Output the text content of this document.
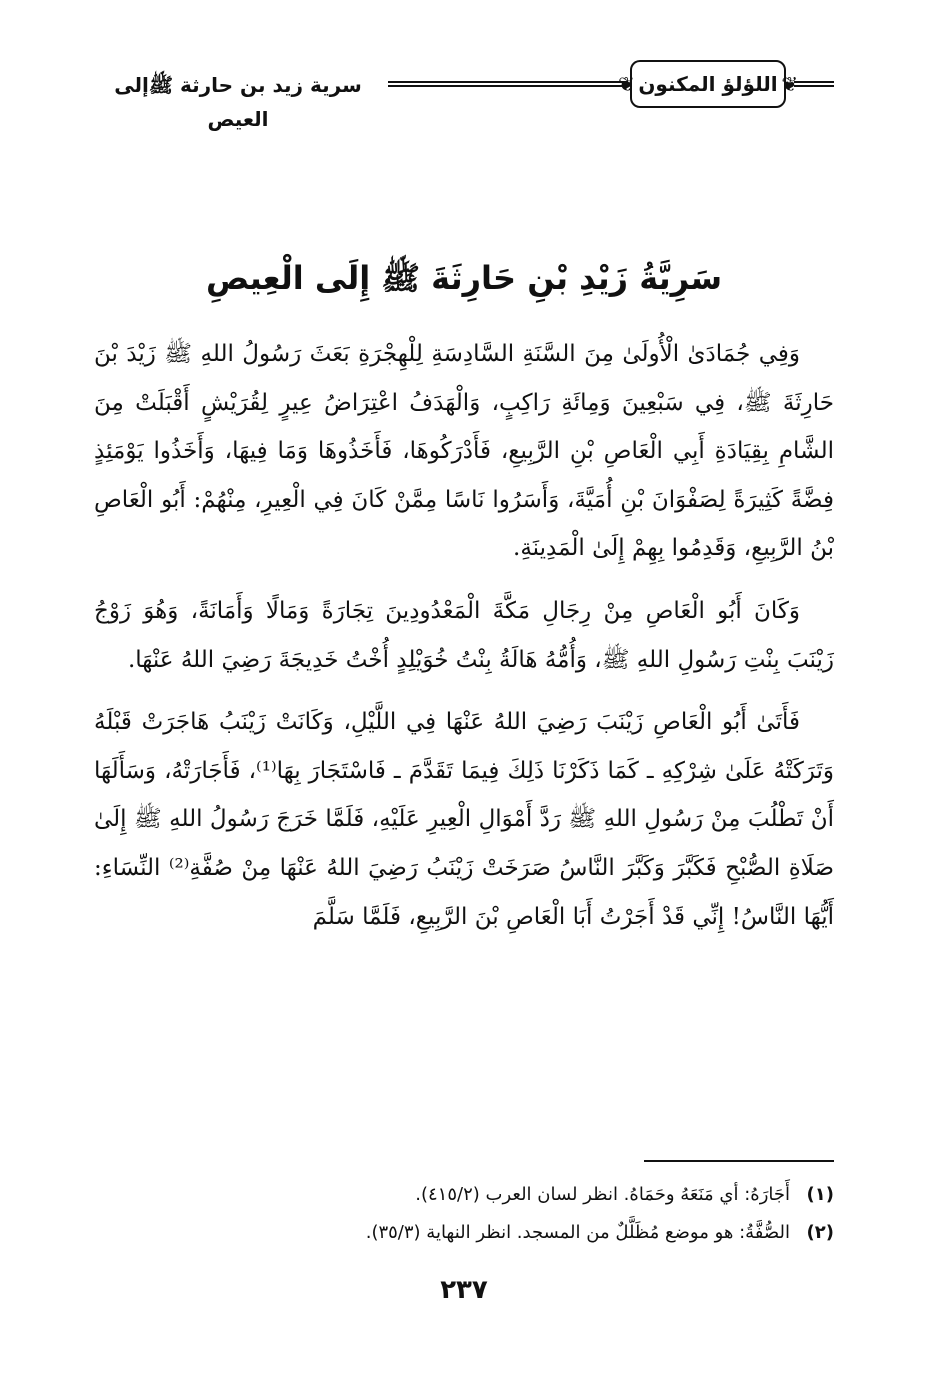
❦
اللؤلؤ المكنون
❦
سرية زيد بن حارثة ﷺإلى العيص
سَرِيَّةُ زَيْدِ بْنِ حَارِثَةَ ﷺ إِلَى الْعِيصِ

وَفِي جُمَادَىٰ الْأُولَىٰ مِنَ السَّنَةِ السَّادِسَةِ لِلْهِجْرَةِ بَعَثَ رَسُولُ اللهِ ﷺ زَيْدَ بْنَ حَارِثَةَ ﷺ، فِي سَبْعِينَ وَمِائَةِ رَاكِبٍ، وَالْهَدَفُ اعْتِرَاضُ عِيرٍ لِقُرَيْشٍ أَقْبَلَتْ مِنَ الشَّامِ بِقِيَادَةِ أَبِي الْعَاصِ بْنِ الرَّبِيعِ، فَأَدْرَكُوهَا، فَأَخَذُوهَا وَمَا فِيهَا، وَأَخَذُوا يَوْمَئِذٍ فِضَّةً كَثِيرَةً لِصَفْوَانَ بْنِ أُمَيَّةَ، وَأَسَرُوا نَاسًا مِمَّنْ كَانَ فِي الْعِيرِ، مِنْهُمْ: أَبُو الْعَاصِ بْنُ الرَّبِيعِ، وَقَدِمُوا بِهِمْ إِلَىٰ الْمَدِينَةِ.

وَكَانَ أَبُو الْعَاصِ مِنْ رِجَالِ مَكَّةَ الْمَعْدُودِينَ تِجَارَةً وَمَالًا وَأَمَانَةً، وَهُوَ زَوْجُ زَيْنَبَ بِنْتِ رَسُولِ اللهِ ﷺ، وَأُمُّهُ هَالَةُ بِنْتُ خُوَيْلِدٍ أُخْتُ خَدِيجَةَ رَضِيَ اللهُ عَنْهَا.

فَأَتَىٰ أَبُو الْعَاصِ زَيْنَبَ رَضِيَ اللهُ عَنْهَا فِي اللَّيْلِ، وَكَانَتْ زَيْنَبُ هَاجَرَتْ قَبْلَهُ وَتَرَكَتْهُ عَلَىٰ شِرْكِهِ ـ كَمَا ذَكَرْنَا ذَلِكَ فِيمَا تَقَدَّمَ ـ فَاسْتَجَارَ بِهَا⁽¹⁾، فَأَجَارَتْهُ، وَسَأَلَهَا أَنْ تَطْلُبَ مِنْ رَسُولِ اللهِ ﷺ رَدَّ أَمْوَالِ الْعِيرِ عَلَيْهِ، فَلَمَّا خَرَجَ رَسُولُ اللهِ ﷺ إِلَىٰ صَلَاةِ الصُّبْحِ فَكَبَّرَ وَكَبَّرَ النَّاسُ صَرَخَتْ زَيْنَبُ رَضِيَ اللهُ عَنْهَا مِنْ صُفَّةِ⁽²⁾ النِّسَاءِ: أَيُّهَا النَّاسُ! إِنِّي قَدْ أَجَرْتُ أَبَا الْعَاصِ بْنَ الرَّبِيعِ، فَلَمَّا سَلَّمَ

(١)أَجَارَهُ: أي مَنَعَهُ وحَمَاهُ. انظر لسان العرب (٤١٥/٢).

(٢)الصُّفَّةُ: هو موضع مُظَلَّلٌ من المسجد. انظر النهاية (٣٥/٣).

٢٣٧
